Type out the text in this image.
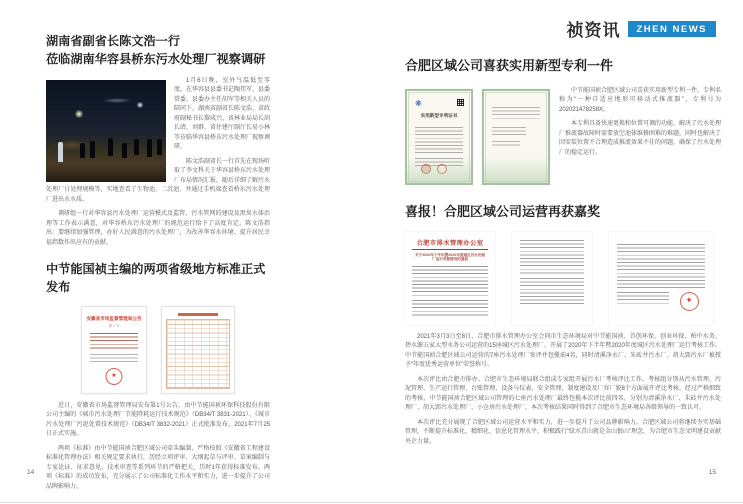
祯资讯	ZHEN NEWS
湖南省副省长陈文浩一行
莅临湖南华容县桥东污水处理厂视察调研

1月6日晚，室外气温低至零度，在华容县县委书记陶伟军、县委常委、县委办主任胡军等相关人员的陪同下，湖南省副省长陈文浩、省政府副秘书长黎咸兴、省林业局局长胡长清、刘群、省住建厅副厅长易小林等莅临华容县桥东污水处理厂视察调研。

陈文浩副省长一行首先在现场听取了李文科关于华容县桥东污水处理厂布局情况汇报，随后详细了解污水处理厂日处理规模等，实地查看了生物池、二沉池，并通过手机端查看桥东污水处理厂进出水水质。

调研组一行对华容县污水处理厂运营模式及监管、污水管网的建设及黑臭水体治理等工作表示满意，对华容桥东污水处理厂的规范运行给予了高度肯定。陈文浩指出：要继续加强管理，办好人民满意的污水处理厂，为改善华容水环境、提升居民幸福指数作出应有的贡献。

中节能国祯主编的两项省级地方标准正式发布
安徽省市场监督管理局公告
第 1 号
★

近日，安徽省市场监督管理局发布第1号公告，由中节能国祯环保科技股份有限公司主编的《城市污水处理厂节能降耗运行技术规范》（DB34/T 3831-2021）、《城市污水处理厂污泥处置技术规范》（DB34/T 3832-2021）正式批准发布，2021年7月25日正式实施。

两项《标准》由中节能国祯合肥区域公司牵头编制，严格按照《安徽省工程建设标准化管理办法》相关规定要求执行，历经立项评审、大纲起草与评审、草案编制与专家论证、征求意见、技术审查等系列环节的严格把关，历时1年获得标准发布。两项《标准》的成功发布，充分展示了公司标准化工作水平和实力，进一步提升了公司品牌影响力。

合肥区域公司喜获实用新型专利一件
❋
实用新型专利证书

中节能国祯合肥区域公司喜获实用新型专利一件，专利名称为“一种自适应地形可移动式推流器”，专利号为202021478258X。

本专利具备快速更换和位置可调的功能，解决了污水处理厂推流器故障时需要放空池体维修困难的难题，同时也解决了因安装位置不合理造成推流效果不佳的问题，确保了污水处理厂的稳定运行。

喜报！合肥区域公司运营再获嘉奖
合肥市排水管理办公室
关于2020年下半年暨2020年度城区污水处理厂运行考核情况的通报
★

2021年3月3日至8日，合肥市排水管理办公室会同市生态环境局对中节能国祯、首创环保、创业环保、柏中水务、碧水源五家大型水务公司运营的15座城区污水处理厂，开展了2020年下半年暨2020年度城区污水处理厂运行考核工作。中节能国祯合肥区域公司运营的7座污水处理厂参评并包揽前4名，同时清溪净水厂、朱砖井污水厂、胡大郢污水厂被授予“年度优秀运营单位”荣誉称号。

本次评比由合肥市排办、合肥市生态环境局联合组成专家组开展污水厂考核评比工作。考核组分别从污水管理、污泥管理、生产运行管理、台账管理、设备与仪表、安全管理、制度建设及厂容厂貌8个方面展开评比考核。经过严格细致的考核，中节能国祯合肥区域公司管理的七座污水处理厂最终包揽本次评比前四名，分别为清溪净水厂、朱砖井污水处理厂、胡大郢污水处理厂、小仓房污水处理厂，本次考核结果同时得到了合肥市生态环境局各级领导的一致认可。

本次评比充分展现了合肥区域公司运营水平和实力，进一步提升了公司品牌影响力。合肥区域公司将继续夯实基础管理，不断提升标准化、精细化、信息化管理水平，积极践行“绿水青山就是金山银山”理念，为合肥市生态文明建设贡献央企力量。

14	15
